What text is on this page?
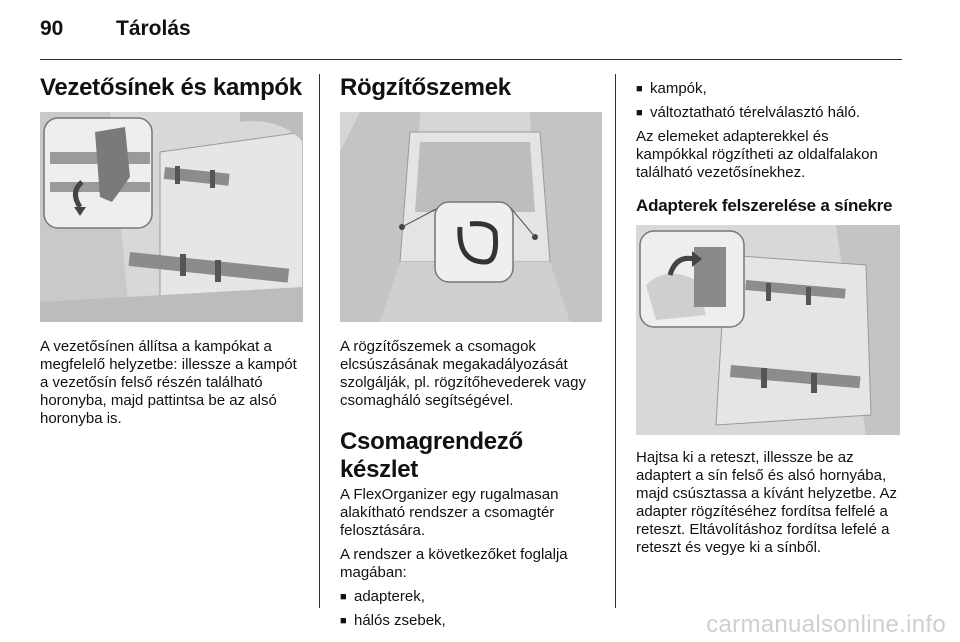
90	Tárolás
Vezetősínek és kampók

A vezetősínen állítsa a kampókat a megfelelő helyzetbe: illessze a kampót a vezetősín felső részén található horonyba, majd pattintsa be az alsó horonyba is.

Rögzítőszemek

A rögzítőszemek a csomagok elcsúszásának megakadályozását szolgálják, pl. rögzítőhevederek vagy csomagháló segítségével.

Csomagrendező készlet

A FlexOrganizer egy rugalmasan alakítható rendszer a csomagtér felosztására.

A rendszer a következőket foglalja magában:

■ adapterek,
■ hálós zsebek,
■ kampók,
■ változtatható térelválasztó háló.

Az elemeket adapterekkel és kampókkal rögzítheti az oldalfalakon található vezetősínekhez.

Adapterek felszerelése a sínekre

Hajtsa ki a reteszt, illessze be az adaptert a sín felső és alsó hornyába, majd csúsztassa a kívánt helyzetbe. Az adapter rögzítéséhez fordítsa felfelé a reteszt. Eltávolításhoz fordítsa lefelé a reteszt és vegye ki a sínből.

carmanualsonline.info
